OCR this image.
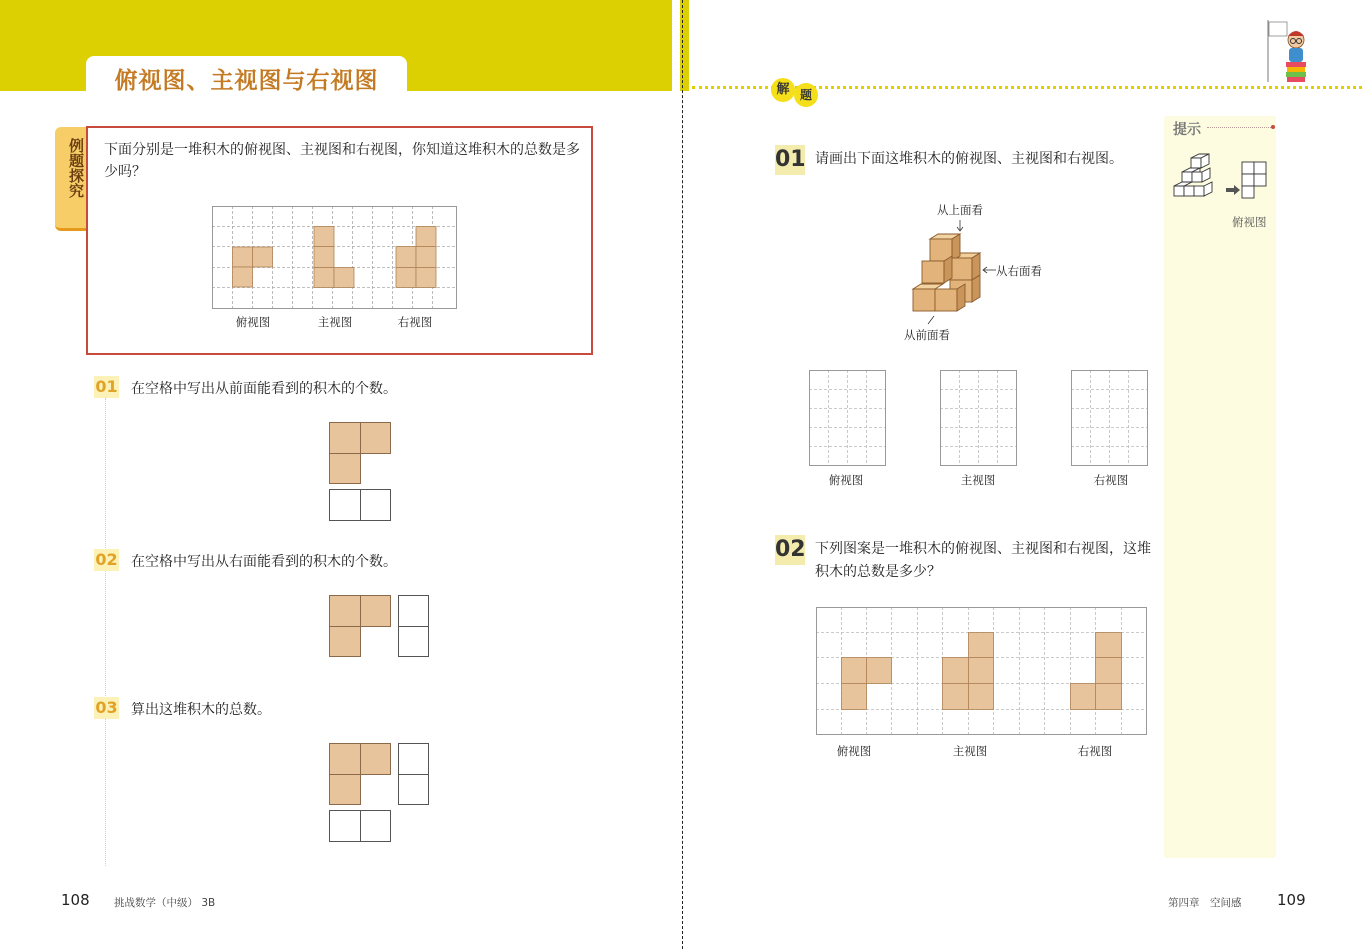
俯视图、主视图与右视图
例题探究 下面分别是一堆积木的俯视图、主视图和右视图，你知道这堆积木的总数是多少吗？
俯视图	主视图	右视图
01 在空格中写出从前面能看到的积木的个数。
02 在空格中写出从右面能看到的积木的个数。
03 算出这堆积木的总数。
108 挑战数学（中级） 3B
解 题
提示
俯视图
01 请画出下面这堆积木的俯视图、主视图和右视图。
从上面看
从右面看
从前面看
俯视图	主视图	右视图
02 下列图案是一堆积木的俯视图、主视图和右视图，这堆积木的总数是多少？
俯视图	主视图	右视图
第四章　空间感 109
